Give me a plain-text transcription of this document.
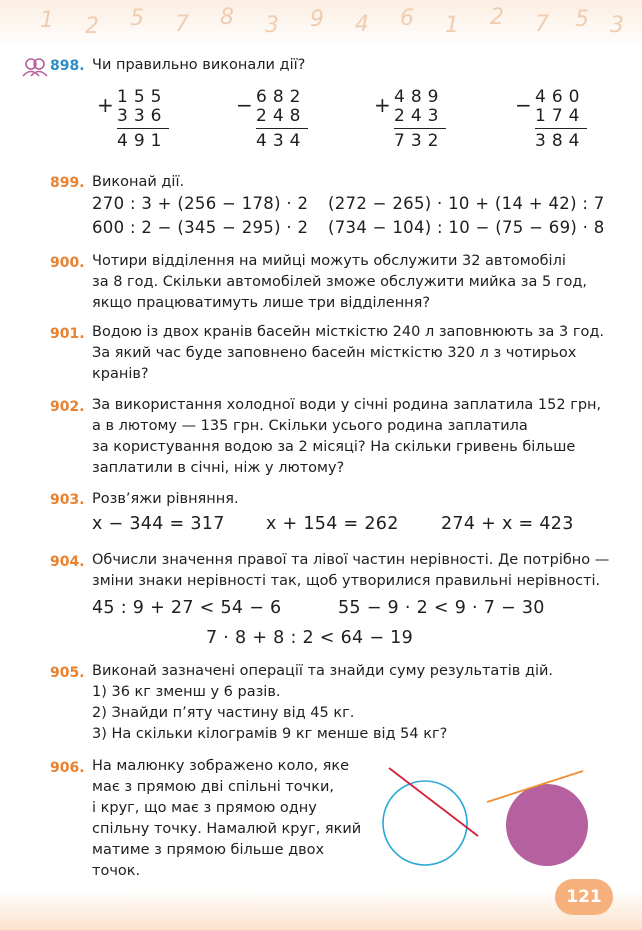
1 2 5 7 8 3 9 4 6 1 2 7 5 3
898. Чи правильно виконали дії?
+ 155
336
491
− 682
248
434
+ 489
243
732
− 460
174
384
899. Виконай дії.
270 : 3 + (256 − 178) · 2 (272 − 265) · 10 + (14 + 42) : 7
600 : 2 − (345 − 295) · 2 (734 − 104) : 10 − (75 − 69) · 8
900. Чотири відділення на мийці можуть обслужити 32 автомобілі
за 8 год. Скільки автомобілей зможе обслужити мийка за 5 год,
якщо працюватимуть лише три відділення?
901. Водою із двох кранів басейн місткістю 240 л заповнюють за 3 год.
За який час буде заповнено басейн місткістю 320 л з чотирьох
кранів?
902. За використання холодної води у січні родина заплатила 152 грн,
а в лютому — 135 грн. Скільки усього родина заплатила
за користування водою за 2 місяці? На скільки гривень більше
заплатили в січні, ніж у лютому?
903. Розв’яжи рівняння.
x − 344 = 317 x + 154 = 262 274 + x = 423
904. Обчисли значення правої та лівої частин нерівності. Де потрібно —
зміни знаки нерівності так, щоб утворилися правильні нерівності.
45 : 9 + 27 < 54 − 6	55 − 9 · 2 < 9 · 7 − 30
7 · 8 + 8 : 2 < 64 − 19
905. Виконай зазначені операції та знайди суму результатів дій.
1) 36 кг зменш у 6 разів.
2) Знайди п’яту частину від 45 кг.
3) На скільки кілограмів 9 кг менше від 54 кг?
906. На малюнку зображено коло, яке
має з прямою дві спільні точки,
і круг, що має з прямою одну
спільну точку. Намалюй круг, який
матиме з прямою більше двох
точок.
121
